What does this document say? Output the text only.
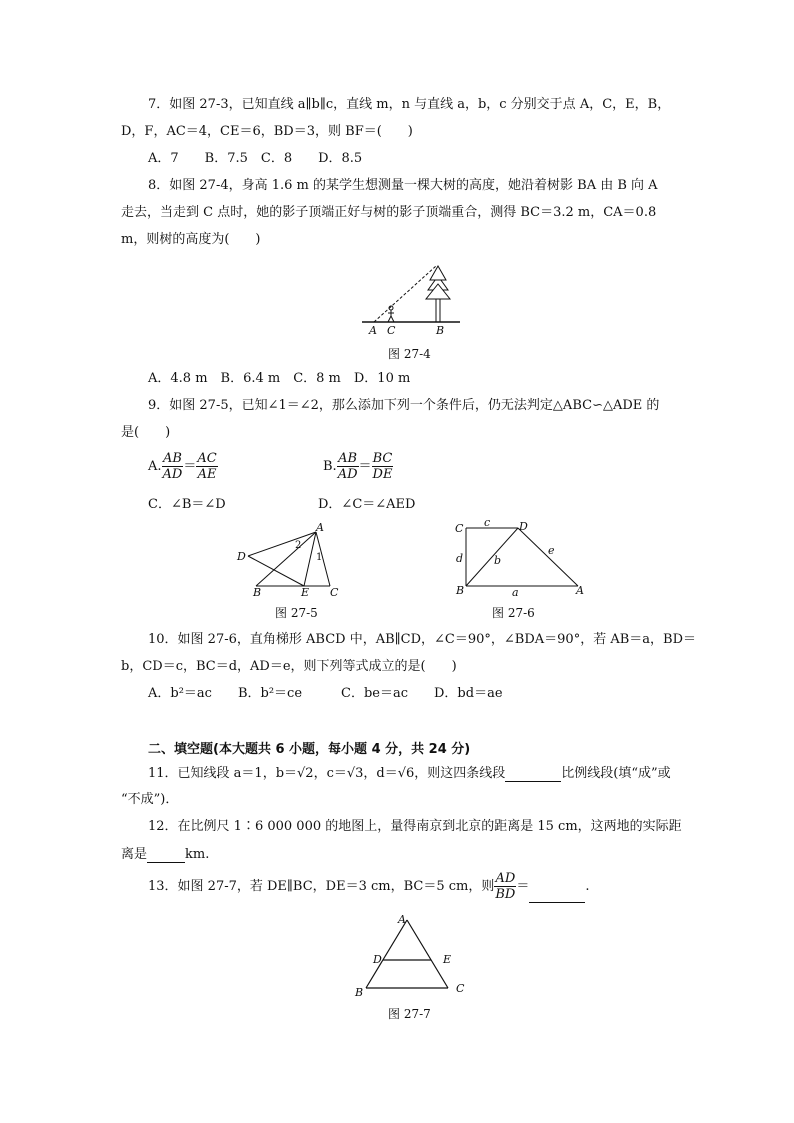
7．如图 27-3，已知直线 a∥b∥c，直线 m，n 与直线 a，b，c 分别交于点 A，C，E，B，
D，F，AC＝4，CE＝6，BD＝3，则 BF＝(　　)
A．7　　B．7.5　C．8　　D．8.5
8．如图 27-4，身高 1.6 m 的某学生想测量一棵大树的高度，她沿着树影 BA 由 B 向 A
走去，当走到 C 点时，她的影子顶端正好与树的影子顶端重合，测得 BC＝3.2 m，CA＝0.8
m，则树的高度为(　　)
A C	B
图 27-4
A．4.8 m　B．6.4 m　C．8 m　D．10 m
9．如图 27-5，已知∠1＝∠2，那么添加下列一个条件后，仍无法判定△ABC∽△ADE 的
是(　　)
A. $\frac{AB}{AD} = \frac{AC}{AE}$	B. $\frac{AB}{AD} = \frac{BC}{DE}$
C．∠B＝∠D	D．∠C＝∠AED
A
D
B	E C
1
2
图 27-5
C	D
B	A
c
d	b
e
a
图 27-6
10．如图 27-6，直角梯形 ABCD 中，AB∥CD，∠C＝90°，∠BDA＝90°，若 AB＝a，BD＝
b，CD＝c，BC＝d，AD＝e，则下列等式成立的是(　　)
A．b²＝ac　　B．b²＝ce　　　C．be＝ac　　D．bd＝ae
二、填空题(本大题共 6 小题，每小题 4 分，共 24 分)
11．已知线段 a＝1，b＝√2，c＝√3，d＝√6，则这四条线段	比例线段(填“成”或
“不成”)．
12．在比例尺 1∶6 000 000 的地图上，量得南京到北京的距离是 15 cm，这两地的实际距
离是	km.
13．如图 27-7，若 DE∥BC，DE＝3 cm，BC＝5 cm，则 $\frac{AD}{BD}$ ＝	.
A
D	E
B	C
图 27-7
